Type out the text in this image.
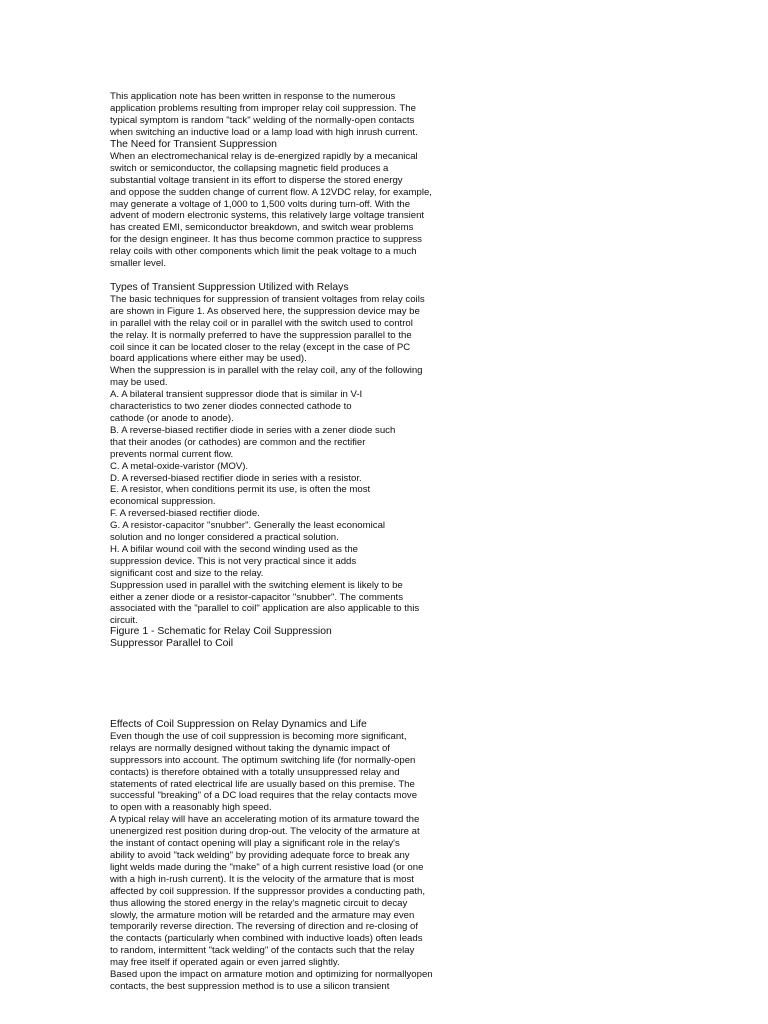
This application note has been written in response to the numerous
application problems resulting from improper relay coil suppression. The
typical symptom is random "tack" welding of the normally-open contacts
when switching an inductive load or a lamp load with high inrush current.
The Need for Transient Suppression
When an electromechanical relay is de-energized rapidly by a mecanical
switch or semiconductor, the collapsing magnetic field produces a
substantial voltage transient in its effort to disperse the stored energy
and oppose the sudden change of current flow. A 12VDC relay, for example,
may generate a voltage of 1,000 to 1,500 volts during turn-off. With the
advent of modern electronic systems, this relatively large voltage transient
has created EMI, semiconductor breakdown, and switch wear problems
for the design engineer. It has thus become common practice to suppress
relay coils with other components which limit the peak voltage to a much
smaller level.
Types of Transient Suppression Utilized with Relays
The basic techniques for suppression of transient voltages from relay coils
are shown in Figure 1. As observed here, the suppression device may be
in parallel with the relay coil or in parallel with the switch used to control
the relay. It is normally preferred to have the suppression parallel to the
coil since it can be located closer to the relay (except in the case of PC
board applications where either may be used).
When the suppression is in parallel with the relay coil, any of the following
may be used.
A. A bilateral transient suppressor diode that is similar in V-I
characteristics to two zener diodes connected cathode to
cathode (or anode to anode).
B. A reverse-biased rectifier diode in series with a zener diode such
that their anodes (or cathodes) are common and the rectifier
prevents normal current flow.
C. A metal-oxide-varistor (MOV).
D. A reversed-biased rectifier diode in series with a resistor.
E. A resistor, when conditions permit its use, is often the most
economical suppression.
F. A reversed-biased rectifier diode.
G. A resistor-capacitor "snubber". Generally the least economical
solution and no longer considered a practical solution.
H. A bifilar wound coil with the second winding used as the
suppression device. This is not very practical since it adds
significant cost and size to the relay.
Suppression used in parallel with the switching element is likely to be
either a zener diode or a resistor-capacitor "snubber". The comments
associated with the "parallel to coil" application are also applicable to this
circuit.
Figure 1 - Schematic for Relay Coil Suppression
Suppressor Parallel to Coil
Effects of Coil Suppression on Relay Dynamics and Life
Even though the use of coil suppression is becoming more significant,
relays are normally designed without taking the dynamic impact of
suppressors into account. The optimum switching life (for normally-open
contacts) is therefore obtained with a totally unsuppressed relay and
statements of rated electrical life are usually based on this premise. The
successful "breaking" of a DC load requires that the relay contacts move
to open with a reasonably high speed.
A typical relay will have an accelerating motion of its armature toward the
unenergized rest position during drop-out. The velocity of the armature at
the instant of contact opening will play a significant role in the relay's
ability to avoid "tack welding" by providing adequate force to break any
light welds made during the "make" of a high current resistive load (or one
with a high in-rush current). It is the velocity of the armature that is most
affected by coil suppression. If the suppressor provides a conducting path,
thus allowing the stored energy in the relay's magnetic circuit to decay
slowly, the armature motion will be retarded and the armature may even
temporarily reverse direction. The reversing of direction and re-closing of
the contacts (particularly when combined with inductive loads) often leads
to random, intermittent "tack welding" of the contacts such that the relay
may free itself if operated again or even jarred slightly.
Based upon the impact on armature motion and optimizing for normallyopen
contacts, the best suppression method is to use a silicon transient
